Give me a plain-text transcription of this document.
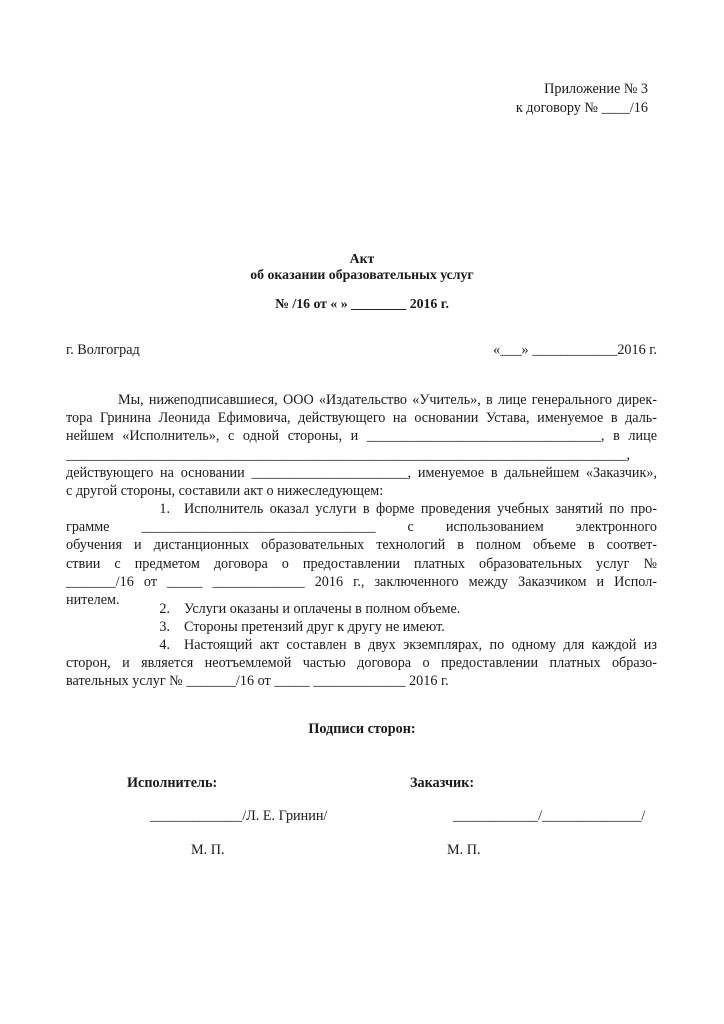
Приложение № 3
к договору № ____/16
Акт
об оказании образовательных услуг
№ /16 от « » ________ 2016 г.
г. Волгоград	«___» ____________2016 г.
Мы, нижеподписавшиеся, ООО «Издательство «Учитель», в лице генерального дирек-
тора Гринина Леонида Ефимовича, действующего на основании Устава, именуемое в даль-
нейшем «Исполнитель», с одной стороны, и _________________________________, в лице
_______________________________________________________________________________,
действующего на основании ______________________, именуемое в дальнейшем «Заказчик»,
с другой стороны, составили акт о нижеследующем:
1. Исполнитель оказал услуги в форме проведения учебных занятий по про-
грамме _________________________________ с использованием электронного
обучения и дистанционных образовательных технологий в полном объеме в соответ-
ствии с предметом договора о предоставлении платных образовательных услуг №
_______/16 от _____ _____________ 2016 г., заключенного между Заказчиком и Испол-
нителем.
2. Услуги оказаны и оплачены в полном объеме.
3. Стороны претензий друг к другу не имеют.
4. Настоящий акт составлен в двух экземплярах, по одному для каждой из
сторон, и является неотъемлемой частью договора о предоставлении платных образо-
вательных услуг № _______/16 от _____ _____________ 2016 г.
Подписи сторон:
Исполнитель:	Заказчик:
_____________/Л. Е. Гринин/	____________/______________/
М. П.	М. П.
